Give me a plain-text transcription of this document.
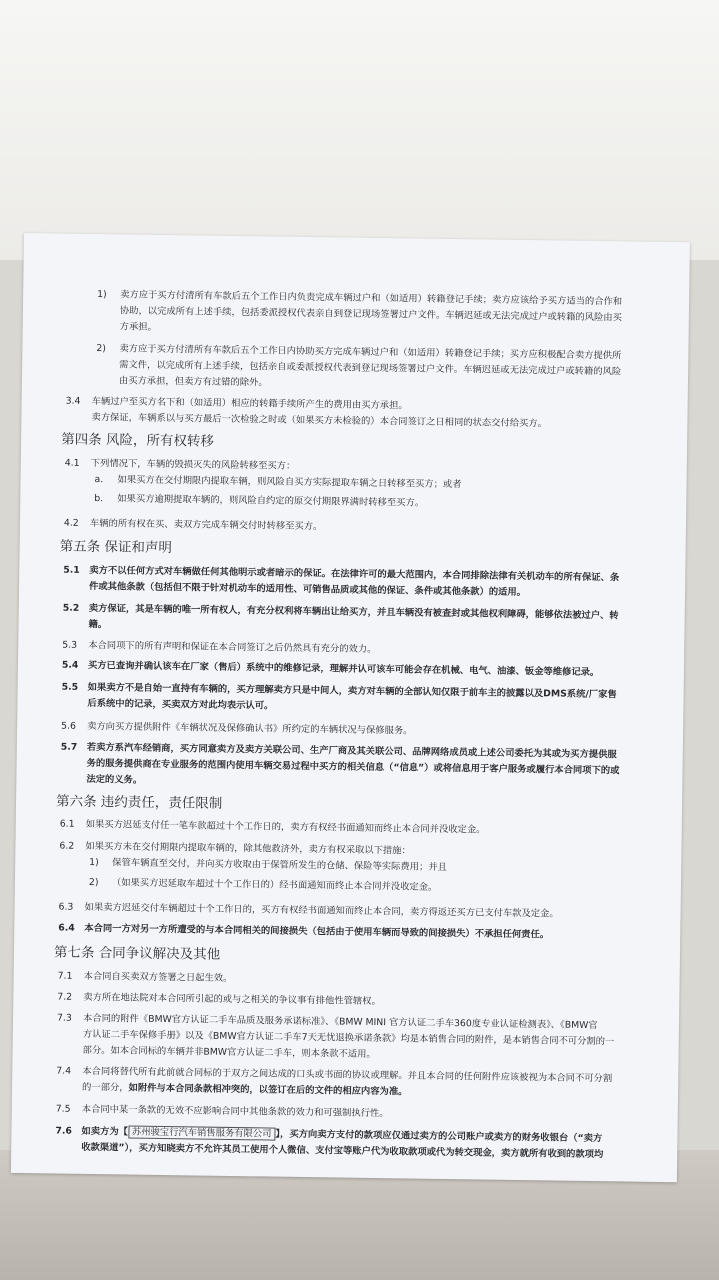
1) 卖方应于买方付清所有车款后五个工作日内负责完成车辆过户和（如适用）转籍登记手续；卖方应该给予买方适当的合作和
协助，以完成所有上述手续，包括委派授权代表亲自到登记现场签署过户文件。车辆迟延或无法完成过户或转籍的风险由买
方承担。
2) 卖方应于买方付清所有车款后五个工作日内协助买方完成车辆过户和（如适用）转籍登记手续；买方应积极配合卖方提供所
需文件，以完成所有上述手续，包括亲自或委派授权代表到登记现场签署过户文件。车辆迟延或无法完成过户或转籍的风险
由买方承担，但卖方有过错的除外。
3.4 车辆过户至买方名下和（如适用）相应的转籍手续所产生的费用由买方承担。
卖方保证，车辆系以与买方最后一次检验之时或（如果买方未检验的）本合同签订之日相同的状态交付给买方。
第四条 风险，所有权转移
4.1 下列情况下，车辆的毁损灭失的风险转移至买方：
a. 如果买方在交付期限内提取车辆，则风险自买方实际提取车辆之日转移至买方；或者
b. 如果买方逾期提取车辆的，则风险自约定的原交付期限界满时转移至买方。
4.2 车辆的所有权在买、卖双方完成车辆交付时转移至买方。
第五条 保证和声明
5.1 卖方不以任何方式对车辆做任何其他明示或者暗示的保证。在法律许可的最大范围内，本合同排除法律有关机动车的所有保证、条
件或其他条款（包括但不限于针对机动车的适用性、可销售品质或其他的保证、条件或其他条款）的适用。
5.2 卖方保证，其是车辆的唯一所有权人，有充分权利将车辆出让给买方，并且车辆没有被查封或其他权利障碍，能够依法被过户、转
籍。
5.3 本合同项下的所有声明和保证在本合同签订之后仍然具有充分的效力。
5.4 买方已查询并确认该车在厂家（售后）系统中的维修记录，理解并认可该车可能会存在机械、电气、油漆、钣金等维修记录。
5.5 如果卖方不是自始一直持有车辆的，买方理解卖方只是中间人，卖方对车辆的全部认知仅限于前车主的披露以及DMS系统/厂家售
后系统中的记录，买卖双方对此均表示认可。
5.6 卖方向买方提供附件《车辆状况及保修确认书》所约定的车辆状况与保修服务。
5.7 若卖方系汽车经销商，买方同意卖方及卖方关联公司、生产厂商及其关联公司、品牌网络成员或上述公司委托为其或为买方提供服
务的服务提供商在专业服务的范围内使用车辆交易过程中买方的相关信息（“信息”）或将信息用于客户服务或履行本合同项下的或
法定的义务。
第六条 违约责任，责任限制
6.1 如果买方迟延支付任一笔车款超过十个工作日的，卖方有权经书面通知而终止本合同并没收定金。
6.2 如果买方未在交付期限内提取车辆的，除其他救济外，卖方有权采取以下措施：
1) 保管车辆直至交付，并向买方收取由于保管所发生的仓储、保险等实际费用；并且
2) （如果买方迟延取车超过十个工作日的）经书面通知而终止本合同并没收定金。
6.3 如果卖方迟延交付车辆超过十个工作日的，买方有权经书面通知而终止本合同，卖方得返还买方已支付车款及定金。
6.4 本合同一方对另一方所遭受的与本合同相关的间接损失（包括由于使用车辆而导致的间接损失）不承担任何责任。
第七条 合同争议解决及其他
7.1 本合同自买卖双方签署之日起生效。
7.2 卖方所在地法院对本合同所引起的或与之相关的争议事有排他性管辖权。
7.3 本合同的附件《BMW官方认证二手车品质及服务承诺标准》、《BMW MINI 官方认证二手车360度专业认证检测表》、《BMW官
方认证二手车保修手册》以及《BMW官方认证二手车7天无忧退换承诺条款》均是本销售合同的附件，是本销售合同不可分割的一
部分。如本合同标的车辆并非BMW官方认证二手车，则本条款不适用。
7.4 本合同将替代所有此前就合同标的于双方之间达成的口头或书面的协议或理解。并且本合同的任何附件应该被视为本合同不可分割
的一部分，如附件与本合同条款相冲突的，以签订在后的文件的相应内容为准。
7.5 本合同中某一条款的无效不应影响合同中其他条款的效力和可强制执行性。
7.6 如卖方为【 苏州骏宝行汽车销售服务有限公司 】，买方向卖方支付的款项应仅通过卖方的公司账户或卖方的财务收银台（“卖方
收款渠道”），买方知晓卖方不允许其员工使用个人微信、支付宝等账户代为收取款项或代为转交现金，卖方就所有收到的款项均
